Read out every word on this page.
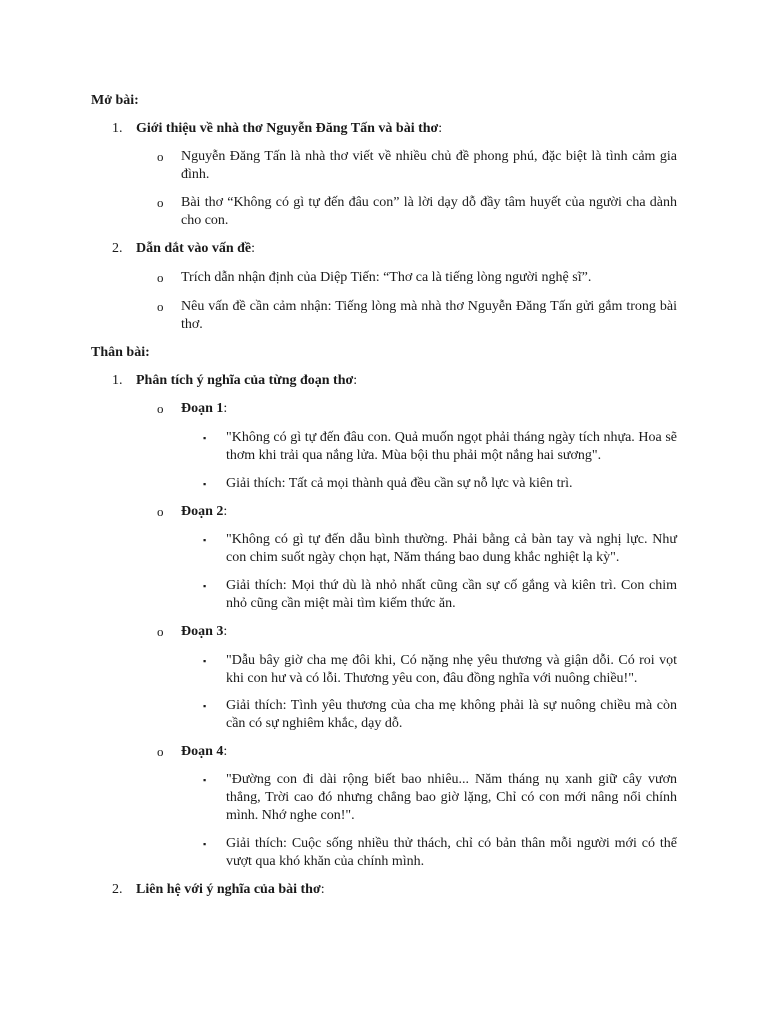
Mở bài:
1. Giới thiệu về nhà thơ Nguyễn Đăng Tấn và bài thơ:
o Nguyễn Đăng Tấn là nhà thơ viết về nhiều chủ đề phong phú, đặc biệt là tình cảm gia đình.
o Bài thơ “Không có gì tự đến đâu con” là lời dạy dỗ đầy tâm huyết của người cha dành cho con.
2. Dẫn dắt vào vấn đề:
o Trích dẫn nhận định của Diệp Tiến: “Thơ ca là tiếng lòng người nghệ sĩ”.
o Nêu vấn đề cần cảm nhận: Tiếng lòng mà nhà thơ Nguyễn Đăng Tấn gửi gắm trong bài thơ.
Thân bài:
1. Phân tích ý nghĩa của từng đoạn thơ:
o Đoạn 1:
▪ "Không có gì tự đến đâu con. Quả muốn ngọt phải tháng ngày tích nhựa. Hoa sẽ thơm khi trải qua nắng lửa. Mùa bội thu phải một nắng hai sương".
▪ Giải thích: Tất cả mọi thành quả đều cần sự nỗ lực và kiên trì.
o Đoạn 2:
▪ "Không có gì tự đến dẫu bình thường. Phải bằng cả bàn tay và nghị lực. Như con chim suốt ngày chọn hạt, Năm tháng bao dung khắc nghiệt lạ kỳ".
▪ Giải thích: Mọi thứ dù là nhỏ nhất cũng cần sự cố gắng và kiên trì. Con chim nhỏ cũng cần miệt mài tìm kiếm thức ăn.
o Đoạn 3:
▪ "Dẫu bây giờ cha mẹ đôi khi, Có nặng nhẹ yêu thương và giận dỗi. Có roi vọt khi con hư và có lỗi. Thương yêu con, đâu đồng nghĩa với nuông chiều!".
▪ Giải thích: Tình yêu thương của cha mẹ không phải là sự nuông chiều mà còn cần có sự nghiêm khắc, dạy dỗ.
o Đoạn 4:
▪ "Đường con đi dài rộng biết bao nhiêu... Năm tháng nụ xanh giữ cây vươn thẳng, Trời cao đó nhưng chẳng bao giờ lặng, Chỉ có con mới nâng nổi chính mình. Nhớ nghe con!".
▪ Giải thích: Cuộc sống nhiều thử thách, chỉ có bản thân mỗi người mới có thể vượt qua khó khăn của chính mình.
2. Liên hệ với ý nghĩa của bài thơ:
